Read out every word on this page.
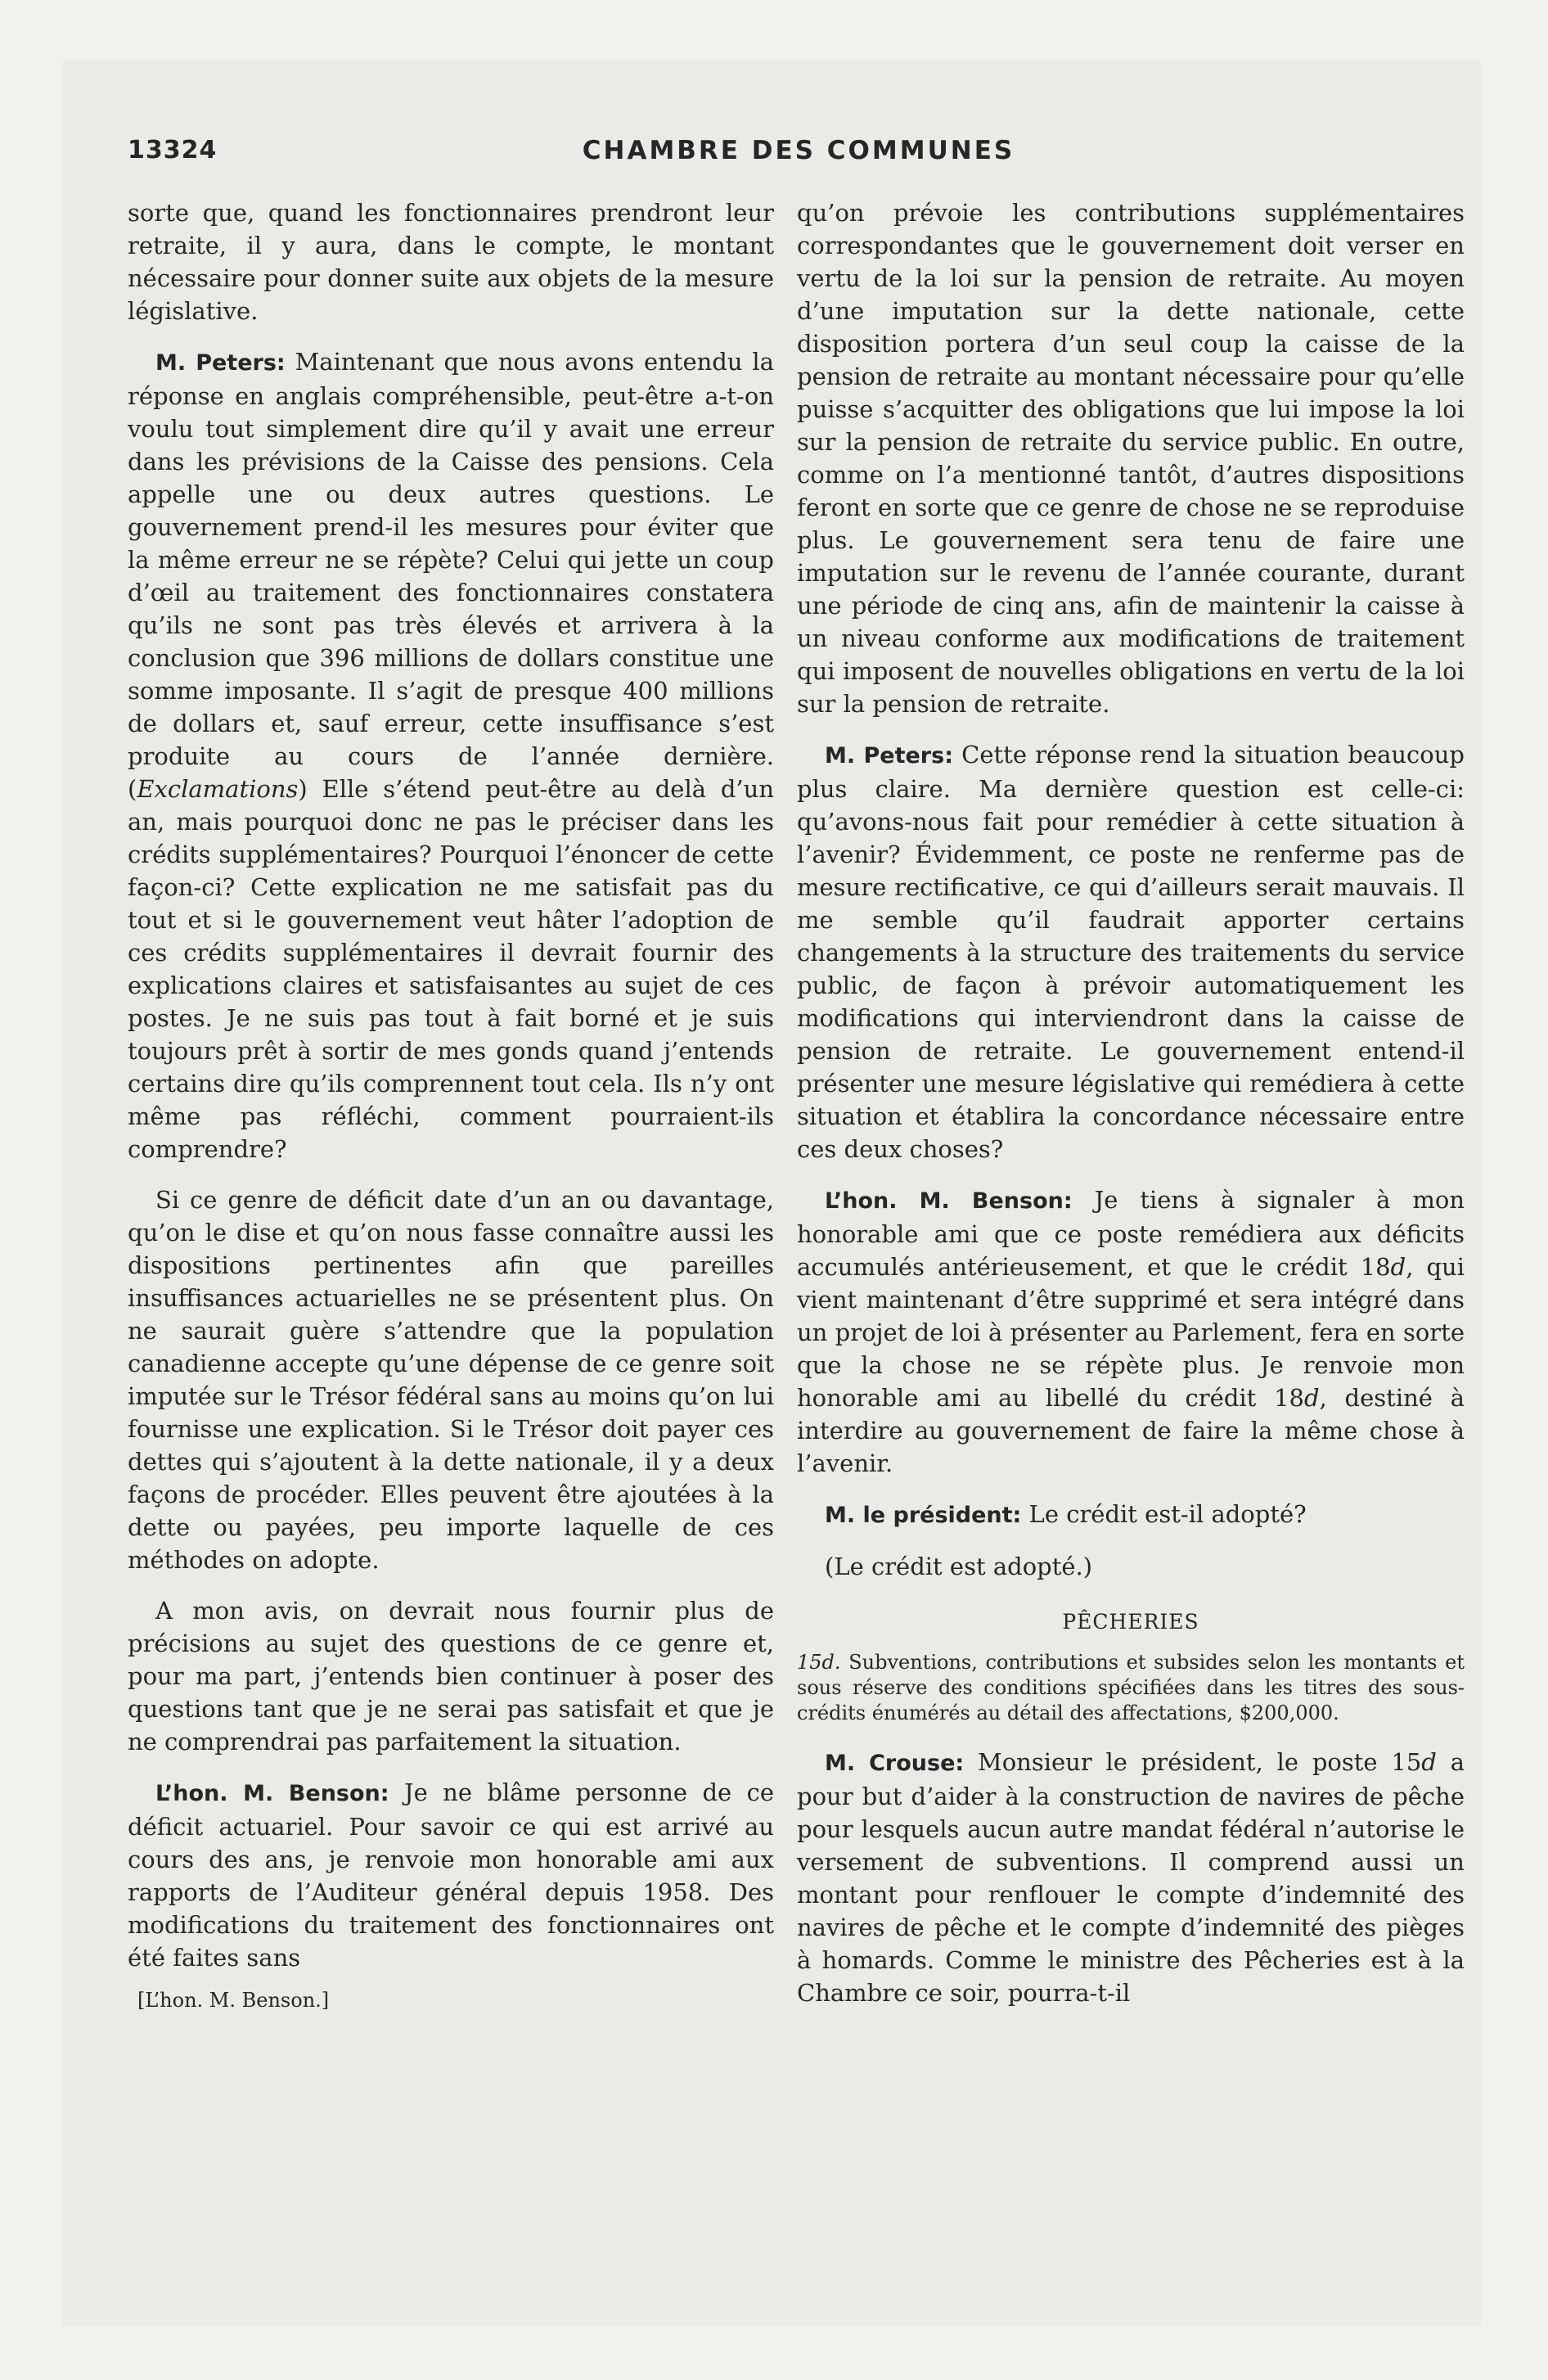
13324	CHAMBRE DES COMMUNES

sorte que, quand les fonctionnaires prendront leur retraite, il y aura, dans le compte, le montant nécessaire pour donner suite aux objets de la mesure législative.

M. Peters: Maintenant que nous avons entendu la réponse en anglais compréhensible, peut-être a-t-on voulu tout simplement dire qu’il y avait une erreur dans les prévisions de la Caisse des pensions. Cela appelle une ou deux autres questions. Le gouvernement prend-il les mesures pour éviter que la même erreur ne se répète? Celui qui jette un coup d’œil au traitement des fonctionnaires constatera qu’ils ne sont pas très élevés et arrivera à la conclusion que 396 millions de dollars constitue une somme imposante. Il s’agit de presque 400 millions de dollars et, sauf erreur, cette insuffisance s’est produite au cours de l’année dernière. (Exclamations) Elle s’étend peut-être au delà d’un an, mais pourquoi donc ne pas le préciser dans les crédits supplémentaires? Pourquoi l’énoncer de cette façon-ci? Cette explication ne me satisfait pas du tout et si le gouvernement veut hâter l’adoption de ces crédits supplémentaires il devrait fournir des explications claires et satisfaisantes au sujet de ces postes. Je ne suis pas tout à fait borné et je suis toujours prêt à sortir de mes gonds quand j’entends certains dire qu’ils comprennent tout cela. Ils n’y ont même pas réfléchi, comment pourraient-ils comprendre?

Si ce genre de déficit date d’un an ou davantage, qu’on le dise et qu’on nous fasse connaître aussi les dispositions pertinentes afin que pareilles insuffisances actuarielles ne se présentent plus. On ne saurait guère s’attendre que la population canadienne accepte qu’une dépense de ce genre soit imputée sur le Trésor fédéral sans au moins qu’on lui fournisse une explication. Si le Trésor doit payer ces dettes qui s’ajoutent à la dette nationale, il y a deux façons de procéder. Elles peuvent être ajoutées à la dette ou payées, peu importe laquelle de ces méthodes on adopte.

A mon avis, on devrait nous fournir plus de précisions au sujet des questions de ce genre et, pour ma part, j’entends bien continuer à poser des questions tant que je ne serai pas satisfait et que je ne comprendrai pas parfaitement la situation.

L’hon. M. Benson: Je ne blâme personne de ce déficit actuariel. Pour savoir ce qui est arrivé au cours des ans, je renvoie mon honorable ami aux rapports de l’Auditeur général depuis 1958. Des modifications du traitement des fonctionnaires ont été faites sans

[L’hon. M. Benson.]

qu’on prévoie les contributions supplémentaires correspondantes que le gouvernement doit verser en vertu de la loi sur la pension de retraite. Au moyen d’une imputation sur la dette nationale, cette disposition portera d’un seul coup la caisse de la pension de retraite au montant nécessaire pour qu’elle puisse s’acquitter des obligations que lui impose la loi sur la pension de retraite du service public. En outre, comme on l’a mentionné tantôt, d’autres dispositions feront en sorte que ce genre de chose ne se reproduise plus. Le gouvernement sera tenu de faire une imputation sur le revenu de l’année courante, durant une période de cinq ans, afin de maintenir la caisse à un niveau conforme aux modifications de traitement qui imposent de nouvelles obligations en vertu de la loi sur la pension de retraite.

M. Peters: Cette réponse rend la situation beaucoup plus claire. Ma dernière question est celle-ci: qu’avons-nous fait pour remédier à cette situation à l’avenir? Évidemment, ce poste ne renferme pas de mesure rectificative, ce qui d’ailleurs serait mauvais. Il me semble qu’il faudrait apporter certains changements à la structure des traitements du service public, de façon à prévoir automatiquement les modifications qui interviendront dans la caisse de pension de retraite. Le gouvernement entend-il présenter une mesure législative qui remédiera à cette situation et établira la concordance nécessaire entre ces deux choses?

L’hon. M. Benson: Je tiens à signaler à mon honorable ami que ce poste remédiera aux déficits accumulés antérieusement, et que le crédit 18d, qui vient maintenant d’être supprimé et sera intégré dans un projet de loi à présenter au Parlement, fera en sorte que la chose ne se répète plus. Je renvoie mon honorable ami au libellé du crédit 18d, destiné à interdire au gouvernement de faire la même chose à l’avenir.

M. le président: Le crédit est-il adopté?

(Le crédit est adopté.)

PÊCHERIES

15d. Subventions, contributions et subsides selon les montants et sous réserve des conditions spécifiées dans les titres des sous-crédits énumérés au détail des affectations, $200,000.

M. Crouse: Monsieur le président, le poste 15d a pour but d’aider à la construction de navires de pêche pour lesquels aucun autre mandat fédéral n’autorise le versement de subventions. Il comprend aussi un montant pour renflouer le compte d’indemnité des navires de pêche et le compte d’indemnité des pièges à homards. Comme le ministre des Pêcheries est à la Chambre ce soir, pourra-t-il
